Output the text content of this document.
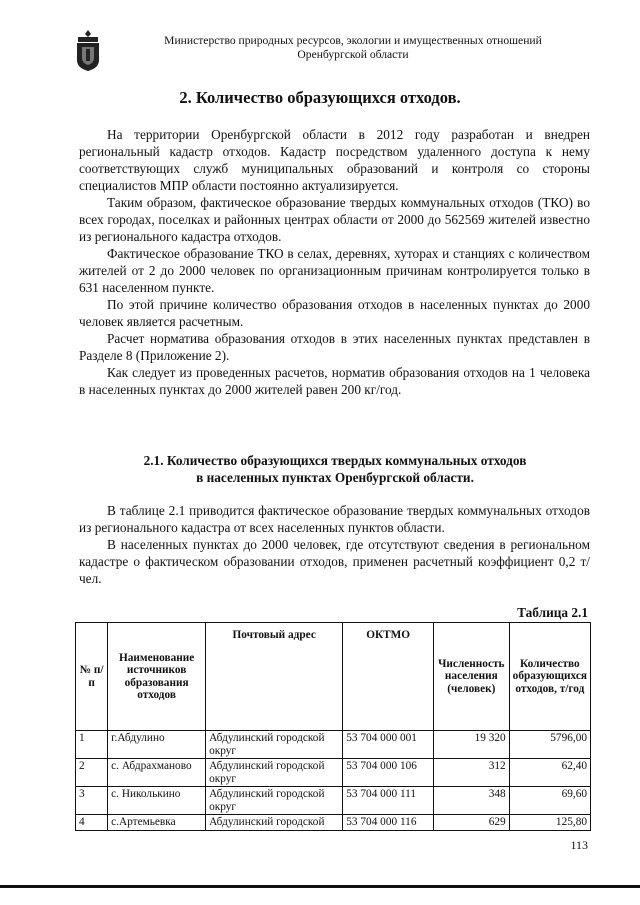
Министерство природных ресурсов, экологии и имущественных отношений
Оренбургской области
2. Количество образующихся отходов.

На территории Оренбургской области в 2012 году разработан и внедрен региональный кадастр отходов. Кадастр посредством удаленного доступа к нему соответствующих служб муниципальных образований и контроля со стороны специалистов МПР области постоянно актуализируется.

Таким образом, фактическое образование твердых коммунальных отходов (ТКО) во всех городах, поселках и районных центрах области от 2000 до 562569 жителей известно из регионального кадастра отходов.

Фактическое образование ТКО в селах, деревнях, хуторах и станциях с количеством жителей от 2 до 2000 человек по организационным причинам контролируется только в 631 населенном пункте.

По этой причине количество образования отходов в населенных пунктах до 2000 человек является расчетным.

Расчет норматива образования отходов в этих населенных пунктах представлен в Разделе 8 (Приложение 2).

Как следует из проведенных расчетов, норматив образования отходов на 1 человека в населенных пунктах до 2000 жителей равен 200 кг/год.

2.1. Количество образующихся твердых коммунальных отходов
в населенных пунктах Оренбургской области.

В таблице 2.1 приводится фактическое образование твердых коммунальных отходов из регионального кадастра от всех населенных пунктов области.

В населенных пунктах до 2000 человек, где отсутствуют сведения в региональном кадастре о фактическом образовании отходов, применен расчетный коэффициент 0,2 т/чел.

Таблица 2.1
№ п/п	Наименование источников образования отходов	Почтовый адрес	ОКТМО	Численность населения (человек)	Количество образующихся отходов, т/год
1	г.Абдулино	Абдулинский городской округ	53 704 000 001	19 320	5796,00
2	с. Абдрахманово	Абдулинский городской округ	53 704 000 106	312	62,40
3	с. Николькино	Абдулинский городской округ	53 704 000 111	348	69,60
4	с.Артемьевка	Абдулинский городской	53 704 000 116	629	125,80
113
